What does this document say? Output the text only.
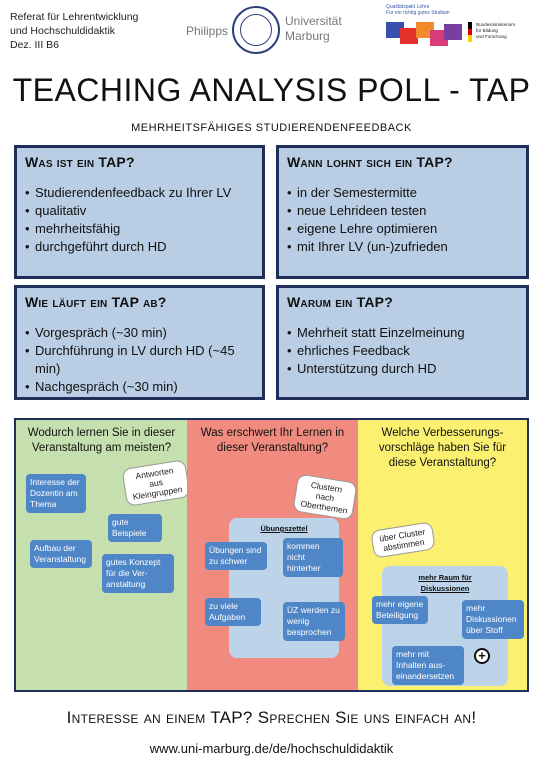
Referat für Lehrentwicklung
und Hochschuldidaktik
Dez. III B6
Philipps
Universität
Marburg
Qualitätspakt Lehre
Für ein richtig gutes Studium
Bundesministerium
für Bildung
und Forschung
TEACHING ANALYSIS POLL - TAP
MEHRHEITSFÄHIGES STUDIERENDENFEEDBACK
Was ist ein TAP?
• Studierendenfeedback zu Ihrer LV
• qualitativ
• mehrheitsfähig
• durchgeführt durch HD
Wann lohnt sich ein TAP?
• in der Semestermitte
• neue Lehrideen testen
• eigene Lehre optimieren
• mit Ihrer LV (un-)zufrieden
Wie läuft ein TAP ab?
• Vorgespräch (~30 min)
• Durchführung in LV durch HD (~45 min)
• Nachgespräch (~30 min)
Warum ein TAP?
• Mehrheit statt Einzelmeinung
• ehrliches Feedback
• Unterstützung durch HD
Wodurch lernen Sie in dieser Veranstaltung am meisten?
Antworten aus Kleingruppen
Interesse der Dozentin am Thema
gute Beispiele
Aufbau der Veranstaltung	gutes Konzept für die Ver-anstaltung
Was erschwert Ihr Lernen in dieser Veranstaltung?
Clustern nach Oberthemen
Übungszettel
Übungen sind zu schwer
kommen nicht hinterher
zu viele Aufgaben
ÜZ werden zu wenig besprochen
Welche Verbesserungs-vorschläge haben Sie für diese Veranstaltung?
über Cluster abstimmen
mehr Raum für Diskussionen
mehr eigene Beteiligung
mehr Diskussionen über Stoff
mehr mit Inhalten aus-einandersetzen
+
Interesse an einem TAP? Sprechen Sie uns einfach an!
www.uni-marburg.de/de/hochschuldidaktik
